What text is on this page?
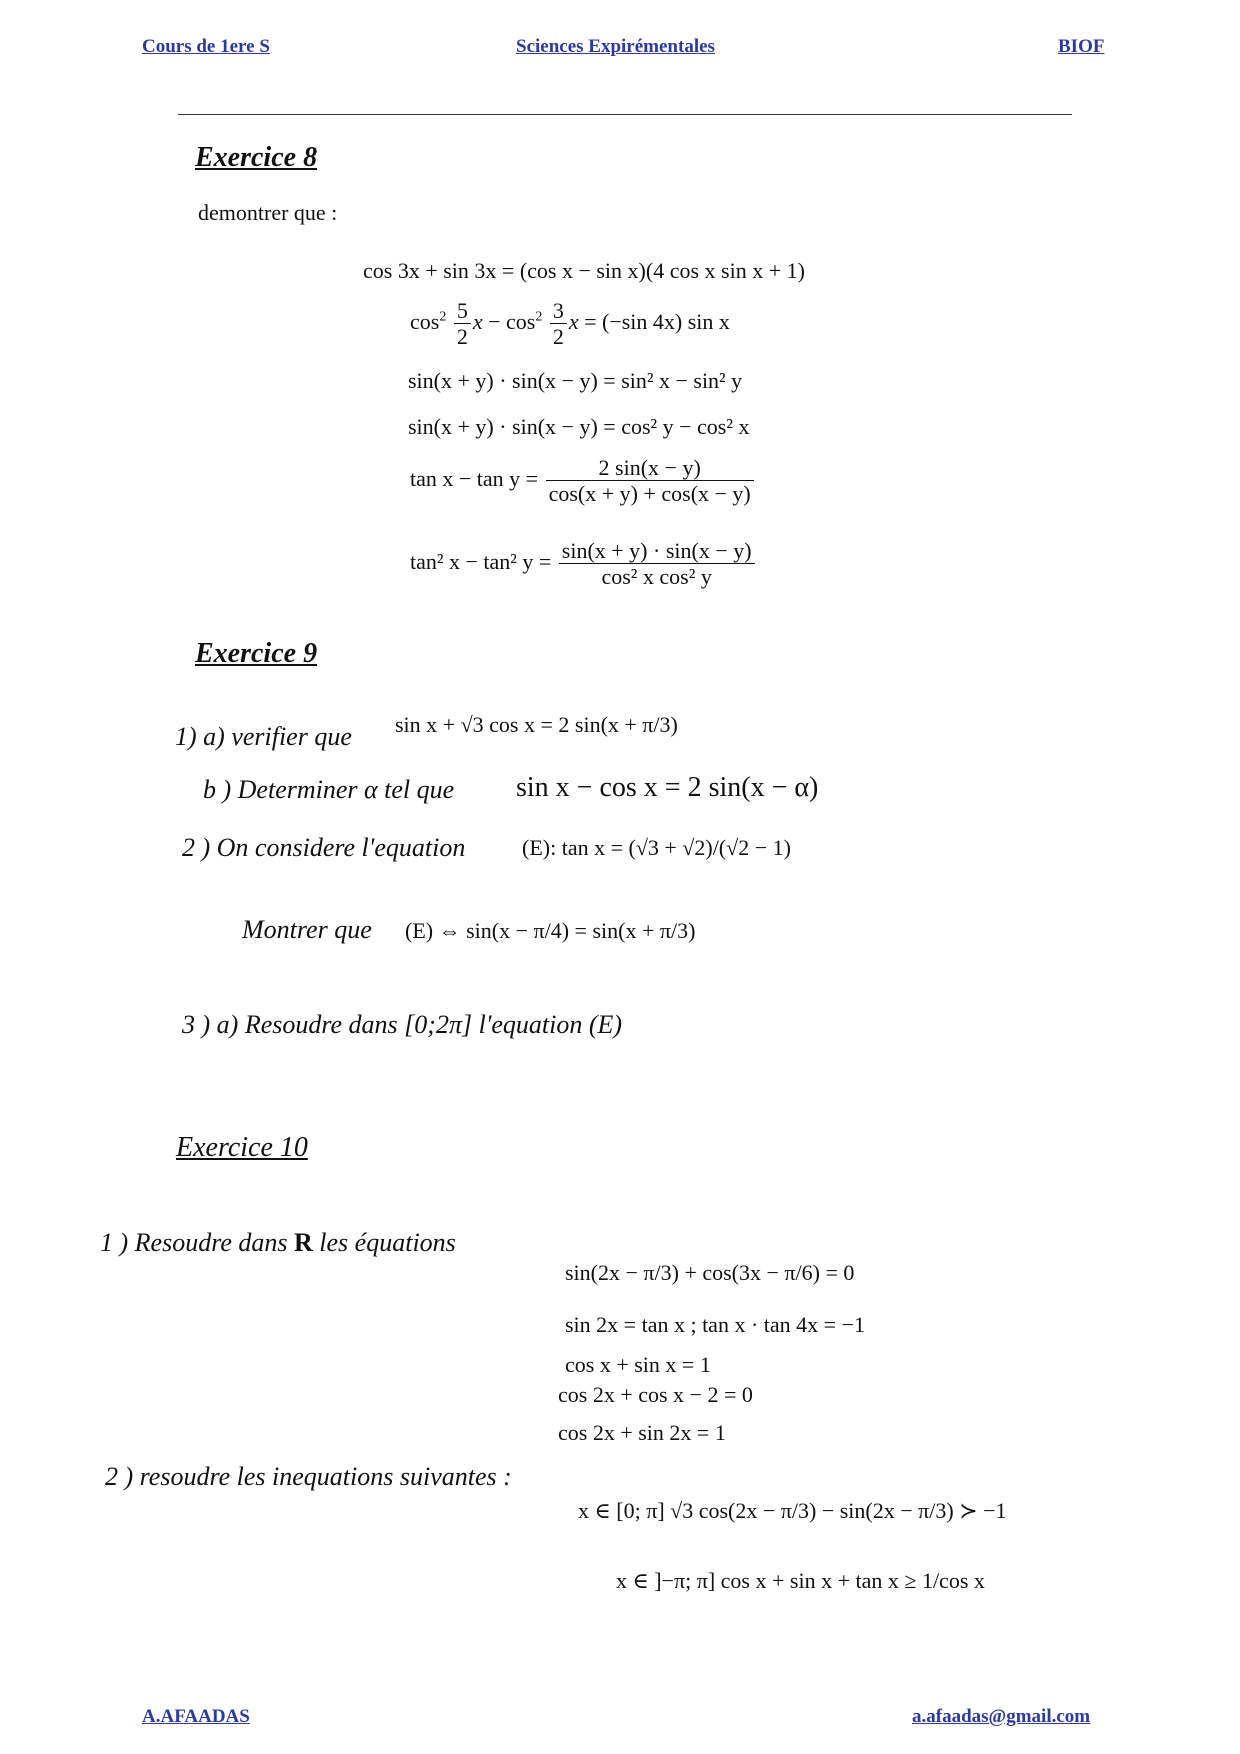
Cours de 1ere S	Sciences Expirémentales	BIOF
Exercice 8
demontrer que :
cos 3x + sin 3x = (cos x − sin x)(4 cos x sin x + 1)
$\cos^2 \frac{5}{2}$ $x - \cos^2 \frac{3}{2}$ x = (−sin 4x) sin x
sin(x + y) · sin(x − y) = sin² x − sin² y
sin(x + y) · sin(x − y) = cos² y − cos² x
$\tan x - \tan y = \frac{2 \sin(x - y)}{\cos(x + y) + \cos(x - y)}$
tan² x − tan² $y = \frac{\sin(x + y) \cdot \sin(x - y)}{\text{cos² x cos² y}}$
Exercice 9
1) a) verifier que sin x + √3 cos x = 2 sin(x + π/3)
b ) Determiner α tel que sin x − cos x = 2 sin(x − α)
2 ) On considere l'equation	(E): tan x = (√3 + √2)/(√2 − 1)
Montrer que (E) ⇔ sin(x − π/4) = sin(x + π/3)
3 ) a) Resoudre dans [0;2π] l'equation (E)
Exercice 10
1 ) Resoudre dans R les équations
sin(2x − π/3) + cos(3x − π/6) = 0
sin 2x = tan x ; tan x · tan 4x = −1
cos x + sin x = 1
cos 2x + cos x − 2 = 0
cos 2x + sin 2x = 1
2 ) resoudre les inequations suivantes :
x ∈ [0; π] √3 cos(2x − π/3) − sin(2x − π/3) ≻ −1
x ∈ ]−π; π] cos x + sin x + tan x ≥ 1/cos x
A.AFAADAS	a.afaadas@gmail.com
